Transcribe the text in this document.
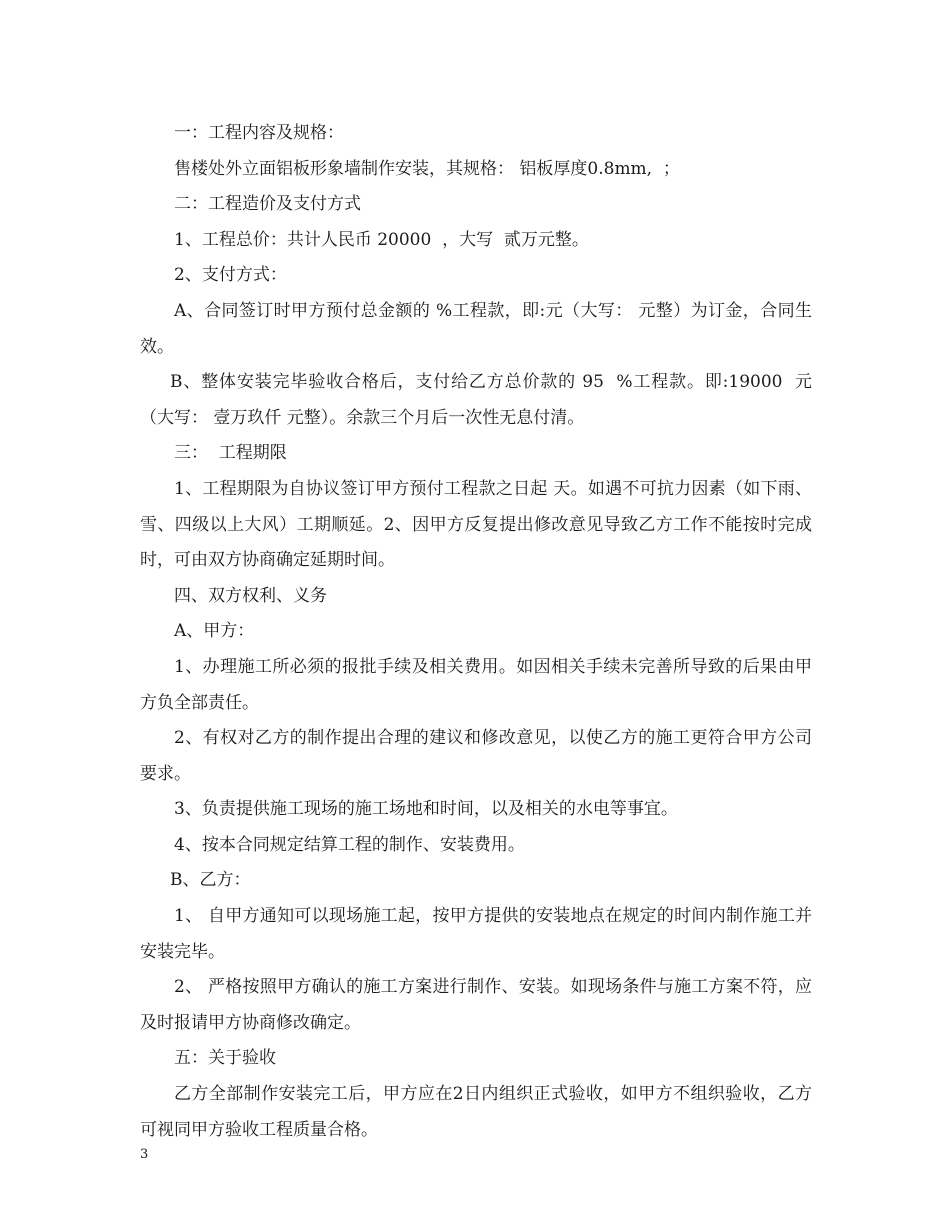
一：工程内容及规格：

售楼处外立面铝板形象墙制作安装，其规格： 铝板厚度0.8mm,  ；

二：工程造价及支付方式

1、工程总价：共计人民币 20000  ，大写  贰万元整。

2、支付方式：

A、合同签订时甲方预付总金额的 %工程款，即:元（大写： 元整）为订金，合同生效。

B、整体安装完毕验收合格后，支付给乙方总价款的 95  %工程款。即:19000  元（大写： 壹万玖仟 元整）。余款三个月后一次性无息付清。

三：  工程期限

1、工程期限为自协议签订甲方预付工程款之日起 天。如遇不可抗力因素（如下雨、雪、四级以上大风）工期顺延。2、因甲方反复提出修改意见导致乙方工作不能按时完成时，可由双方协商确定延期时间。

四、双方权利、义务

A、甲方：

1、办理施工所必须的报批手续及相关费用。如因相关手续未完善所导致的后果由甲方负全部责任。

2、有权对乙方的制作提出合理的建议和修改意见，以使乙方的施工更符合甲方公司要求。

3、负责提供施工现场的施工场地和时间，以及相关的水电等事宜。

4、按本合同规定结算工程的制作、安装费用。

B、乙方：

1、 自甲方通知可以现场施工起，按甲方提供的安装地点在规定的时间内制作施工并安装完毕。

2、 严格按照甲方确认的施工方案进行制作、安装。如现场条件与施工方案不符，应及时报请甲方协商修改确定。

五：关于验收

乙方全部制作安装完工后，甲方应在2日内组织正式验收，如甲方不组织验收，乙方可视同甲方验收工程质量合格。

3
